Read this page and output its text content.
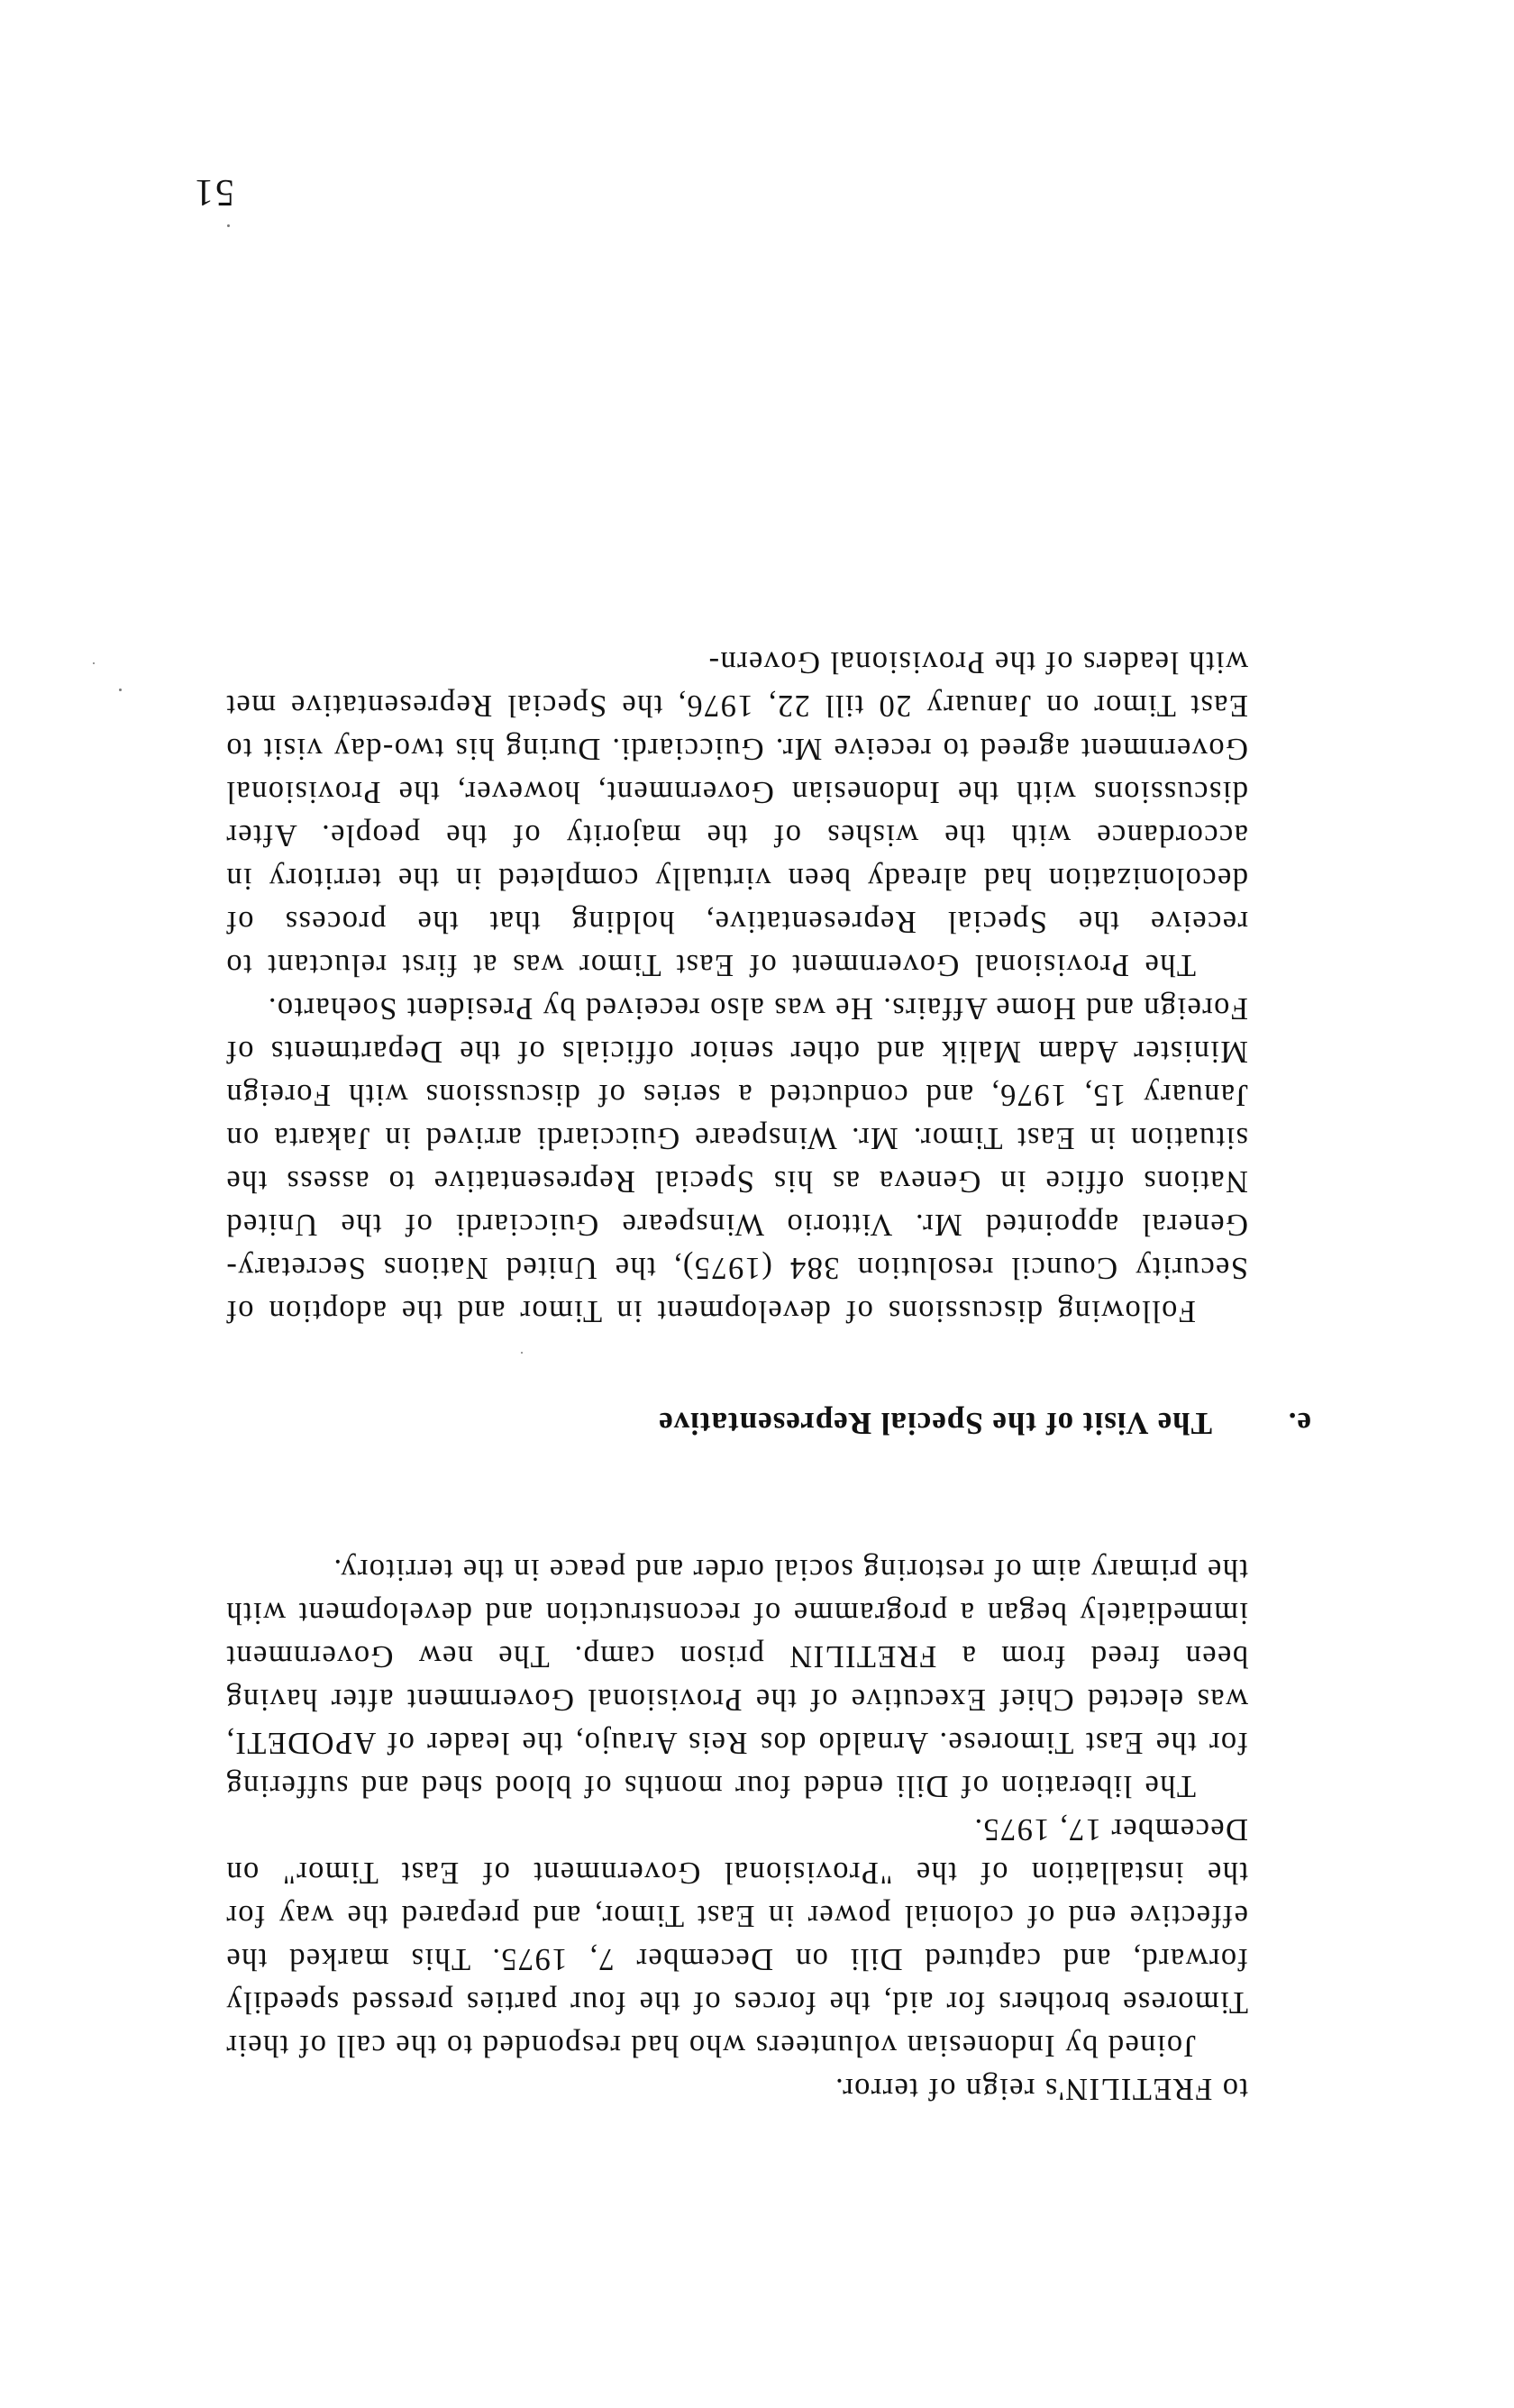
to FRETILIN's reign of terror.

Joined by Indonesian volunteers who had responded to the call of their Timorese brothers for aid, the forces of the four parties pressed speedily forward, and captured Dili on December 7, 1975. This marked the effective end of colonial power in East Timor, and prepared the way for the installation of the "Provisional Government of East Timor" on December 17, 1975.

The liberation of Dili ended four months of blood shed and suffering for the East Timorese. Arnaldo dos Reis Araujo, the leader of APODETI, was elected Chief Executive of the Provisional Government after having been freed from a FRETILIN prison camp. The new Government immediately began a programme of reconstruction and development with the primary aim of restoring social order and peace in the territory.

e.
The Visit of the Special Representative

Following discussions of development in Timor and the adoption of Security Council resolution 384 (1975), the United Nations Secretary-General appointed Mr. Vittorio Winspeare Guicciardi of the United Nations office in Geneva as his Special Representative to assess the situation in East Timor. Mr. Winspeare Guicciardi arrived in Jakarta on January 15, 1976, and conducted a series of discussions with Foreign Minister Adam Malik and other senior officials of the Departments of Foreign and Home Affairs. He was also received by President Soeharto.

The Provisional Government of East Timor was at first reluctant to receive the Special Representative, holding that the process of decolonization had already been virtually completed in the territory in accordance with the wishes of the majority of the people. After discussions with the Indonesian Government, however, the Provisional Government agreed to receive Mr. Guicciardi. During his two-day visit to East Timor on January 20 till 22, 1976, the Special Representative met with leaders of the Provisional Govern-

51
